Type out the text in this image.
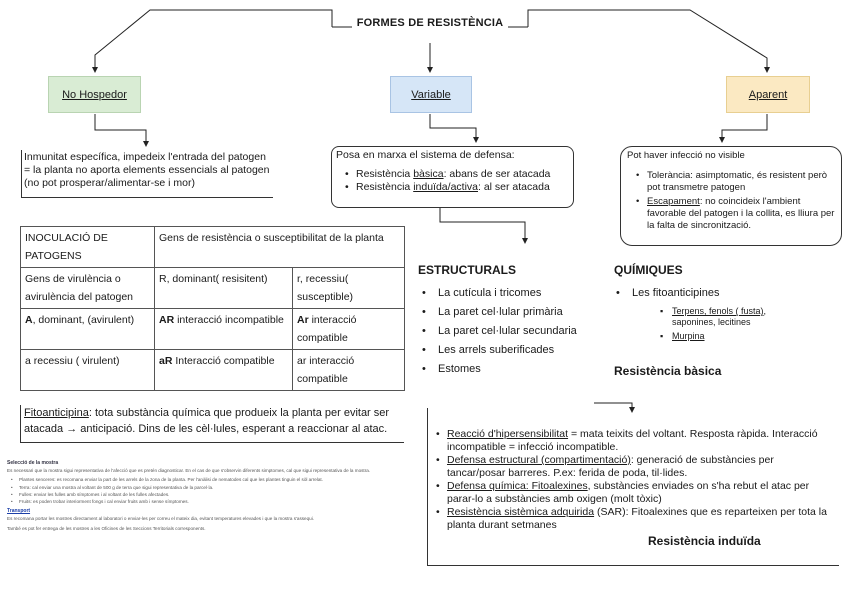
FORMES DE RESISTÈNCIA
No Hospedor	Variable	Aparent
Inmunitat específica, impedeix l'entrada del patogen = la planta no aporta elements essencials al patogen (no pot prosperar/alimentar-se i mor)
Posa en marxa el sistema de defensa:
• Resistència bàsica: abans de ser atacada
• Resistència induïda/activa: al ser atacada
Pot haver infecció no visible
• Tolerància: asimptomatic, és resistent però pot transmetre patogen
• Escapament: no coincideix l'ambient favorable del patogen i la collita, es lliura per la falta de sincronització.
INOCULACIÓ DE PATOGENS	Gens de resistència o susceptibilitat de la planta	
Gens de virulència o avirulència del patogen	R, dominant( resisitent)	r, recessiu( susceptible)
A, dominant, (avirulent)	AR interacció incompatible	Ar interacció compatible
a recessiu ( virulent)	aR Interacció compatible	ar interacció compatible
Fitoanticipina: tota substància química que produeix la planta per evitar ser atacada → anticipació. Dins de les cèl·lules, esperant a reaccionar al atac.
Selecció de la mostra

Es necessari que la mostra sigui representativa de l'afecció que es pretén diagnosticar. En el cas de que s'observin diferents simptomes, cal que sigui representativa de la mostra.

• Plantes senceres: es recomana enviar la part de les arrels de la zona de la planta. Per l'anàlisi de nematodes cal que les plantes tinguin el sòl arrelat.
• Terra: cal enviar una mostra al voltant de 500 g de terra que sigui representativa de la parcel·la.
• Fulles: enviar les fulles amb símptomes i al voltant de les fulles afectades.
• Fruits: es poden trobar interiorment fongs i cal enviar fruits amb i sense símptomes.
Transport

Es recomana portar les mostres directament al laboratori o enviar-les per correu el mateix dia, evitant temperatures elevades i que la mostra s'assequi.

També es pot fer entrega de les mostres a les Oficines de les Seccions Territorials corresponents.

ESTRUCTURALS
• La cutícula i tricomes
• La paret cel·lular primària
• La paret cel·lular secundaria
• Les arrels suberificades
• Estomes
QUÍMIQUES
• Les fitoanticipines
▪ Terpens, fenols ( fusta), saponines, lecitines
▪ Murpina
Resistència bàsica
• Reacció d'hipersensibilitat = mata teixits del voltant. Resposta ràpida. Interacció incompatible = infecció incompatible.
• Defensa estructural (compartimentació): generació de substàncies per tancar/posar barreres. P.ex: ferida de poda, til·lides.
• Defensa química: Fitoalexines, substàncies enviades on s'ha rebut el atac per parar-lo a substàncies amb oxigen (molt tòxic)
• Resistència sistèmica adquirida (SAR): Fitoalexines que es reparteixen per tota la planta durant setmanes
Resistència induïda
